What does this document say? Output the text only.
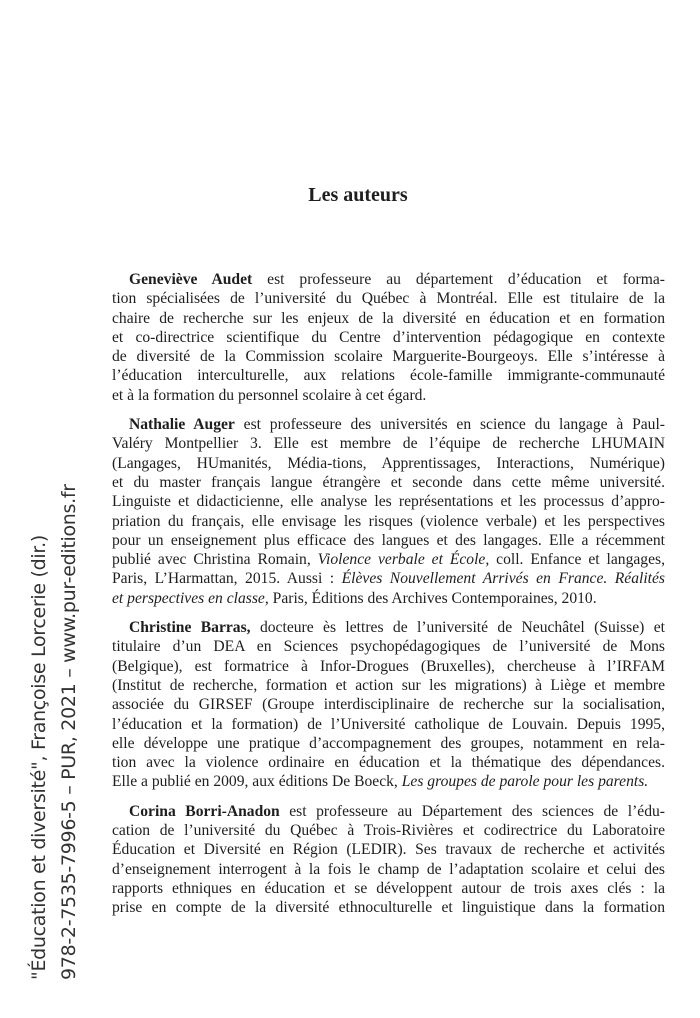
"Éducation et diversité", Françoise Lorcerie (dir.) 978-2-7535-7996-5 – PUR, 2021 – www.pur-editions.fr
Les auteurs
Geneviève Audet est professeure au département d’éducation et forma-
tion spécialisées de l’université du Québec à Montréal. Elle est titulaire de la
chaire de recherche sur les enjeux de la diversité en éducation et en formation
et co-directrice scientifique du Centre d’intervention pédagogique en contexte
de diversité de la Commission scolaire Marguerite-Bourgeoys. Elle s’intéresse à
l’éducation interculturelle, aux relations école-famille immigrante-communauté
et à la formation du personnel scolaire à cet égard.
Nathalie Auger est professeure des universités en science du langage à Paul-
Valéry Montpellier 3. Elle est membre de l’équipe de recherche LHUMAIN
(Langages, HUmanités, Média-tions, Apprentissages, Interactions, Numérique)
et du master français langue étrangère et seconde dans cette même université.
Linguiste et didacticienne, elle analyse les représentations et les processus d’appro-
priation du français, elle envisage les risques (violence verbale) et les perspectives
pour un enseignement plus efficace des langues et des langages. Elle a récemment
publié avec Christina Romain, Violence verbale et École, coll. Enfance et langages,
Paris, L’Harmattan, 2015. Aussi : Élèves Nouvellement Arrivés en France. Réalités
et perspectives en classe, Paris, Éditions des Archives Contemporaines, 2010.
Christine Barras, docteure ès lettres de l’université de Neuchâtel (Suisse) et
titulaire d’un DEA en Sciences psychopédagogiques de l’université de Mons
(Belgique), est formatrice à Infor-Drogues (Bruxelles), chercheuse à l’IRFAM
(Institut de recherche, formation et action sur les migrations) à Liège et membre
associée du GIRSEF (Groupe interdisciplinaire de recherche sur la socialisation,
l’éducation et la formation) de l’Université catholique de Louvain. Depuis 1995,
elle développe une pratique d’accompagnement des groupes, notamment en rela-
tion avec la violence ordinaire en éducation et la thématique des dépendances.
Elle a publié en 2009, aux éditions De Boeck, Les groupes de parole pour les parents.
Corina Borri-Anadon est professeure au Département des sciences de l’édu-
cation de l’université du Québec à Trois-Rivières et codirectrice du Laboratoire
Éducation et Diversité en Région (LEDIR). Ses travaux de recherche et activités
d’enseignement interrogent à la fois le champ de l’adaptation scolaire et celui des
rapports ethniques en éducation et se développent autour de trois axes clés : la
prise en compte de la diversité ethnoculturelle et linguistique dans la formation
